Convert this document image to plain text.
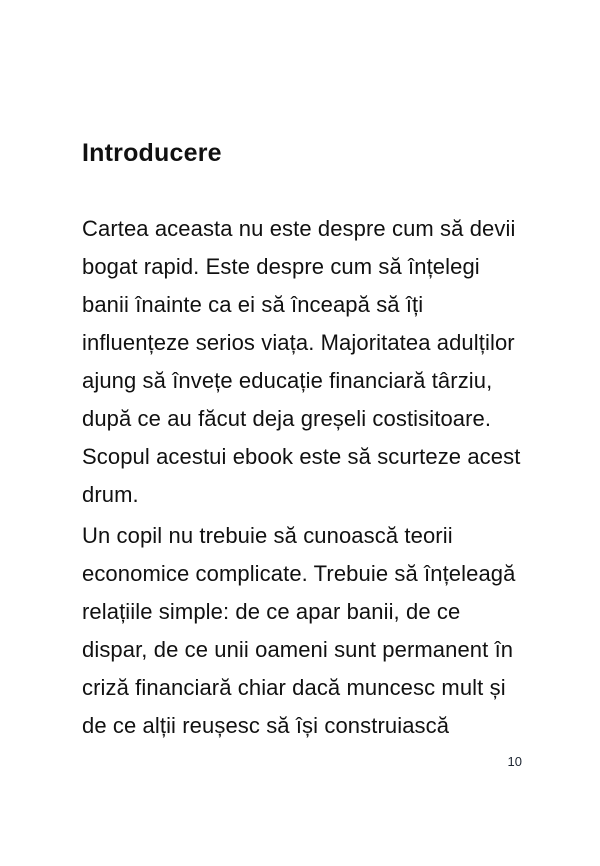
Introducere
Cartea aceasta nu este despre cum să devii
bogat rapid. Este despre cum să înțelegi
banii înainte ca ei să înceapă să îți
influențeze serios viața. Majoritatea adulților
ajung să învețe educație financiară târziu,
după ce au făcut deja greșeli costisitoare.
Scopul acestui ebook este să scurteze acest
drum.
Un copil nu trebuie să cunoască teorii
economice complicate. Trebuie să înțeleagă
relațiile simple: de ce apar banii, de ce
dispar, de ce unii oameni sunt permanent în
criză financiară chiar dacă muncesc mult și
de ce alții reușesc să își construiască
10
